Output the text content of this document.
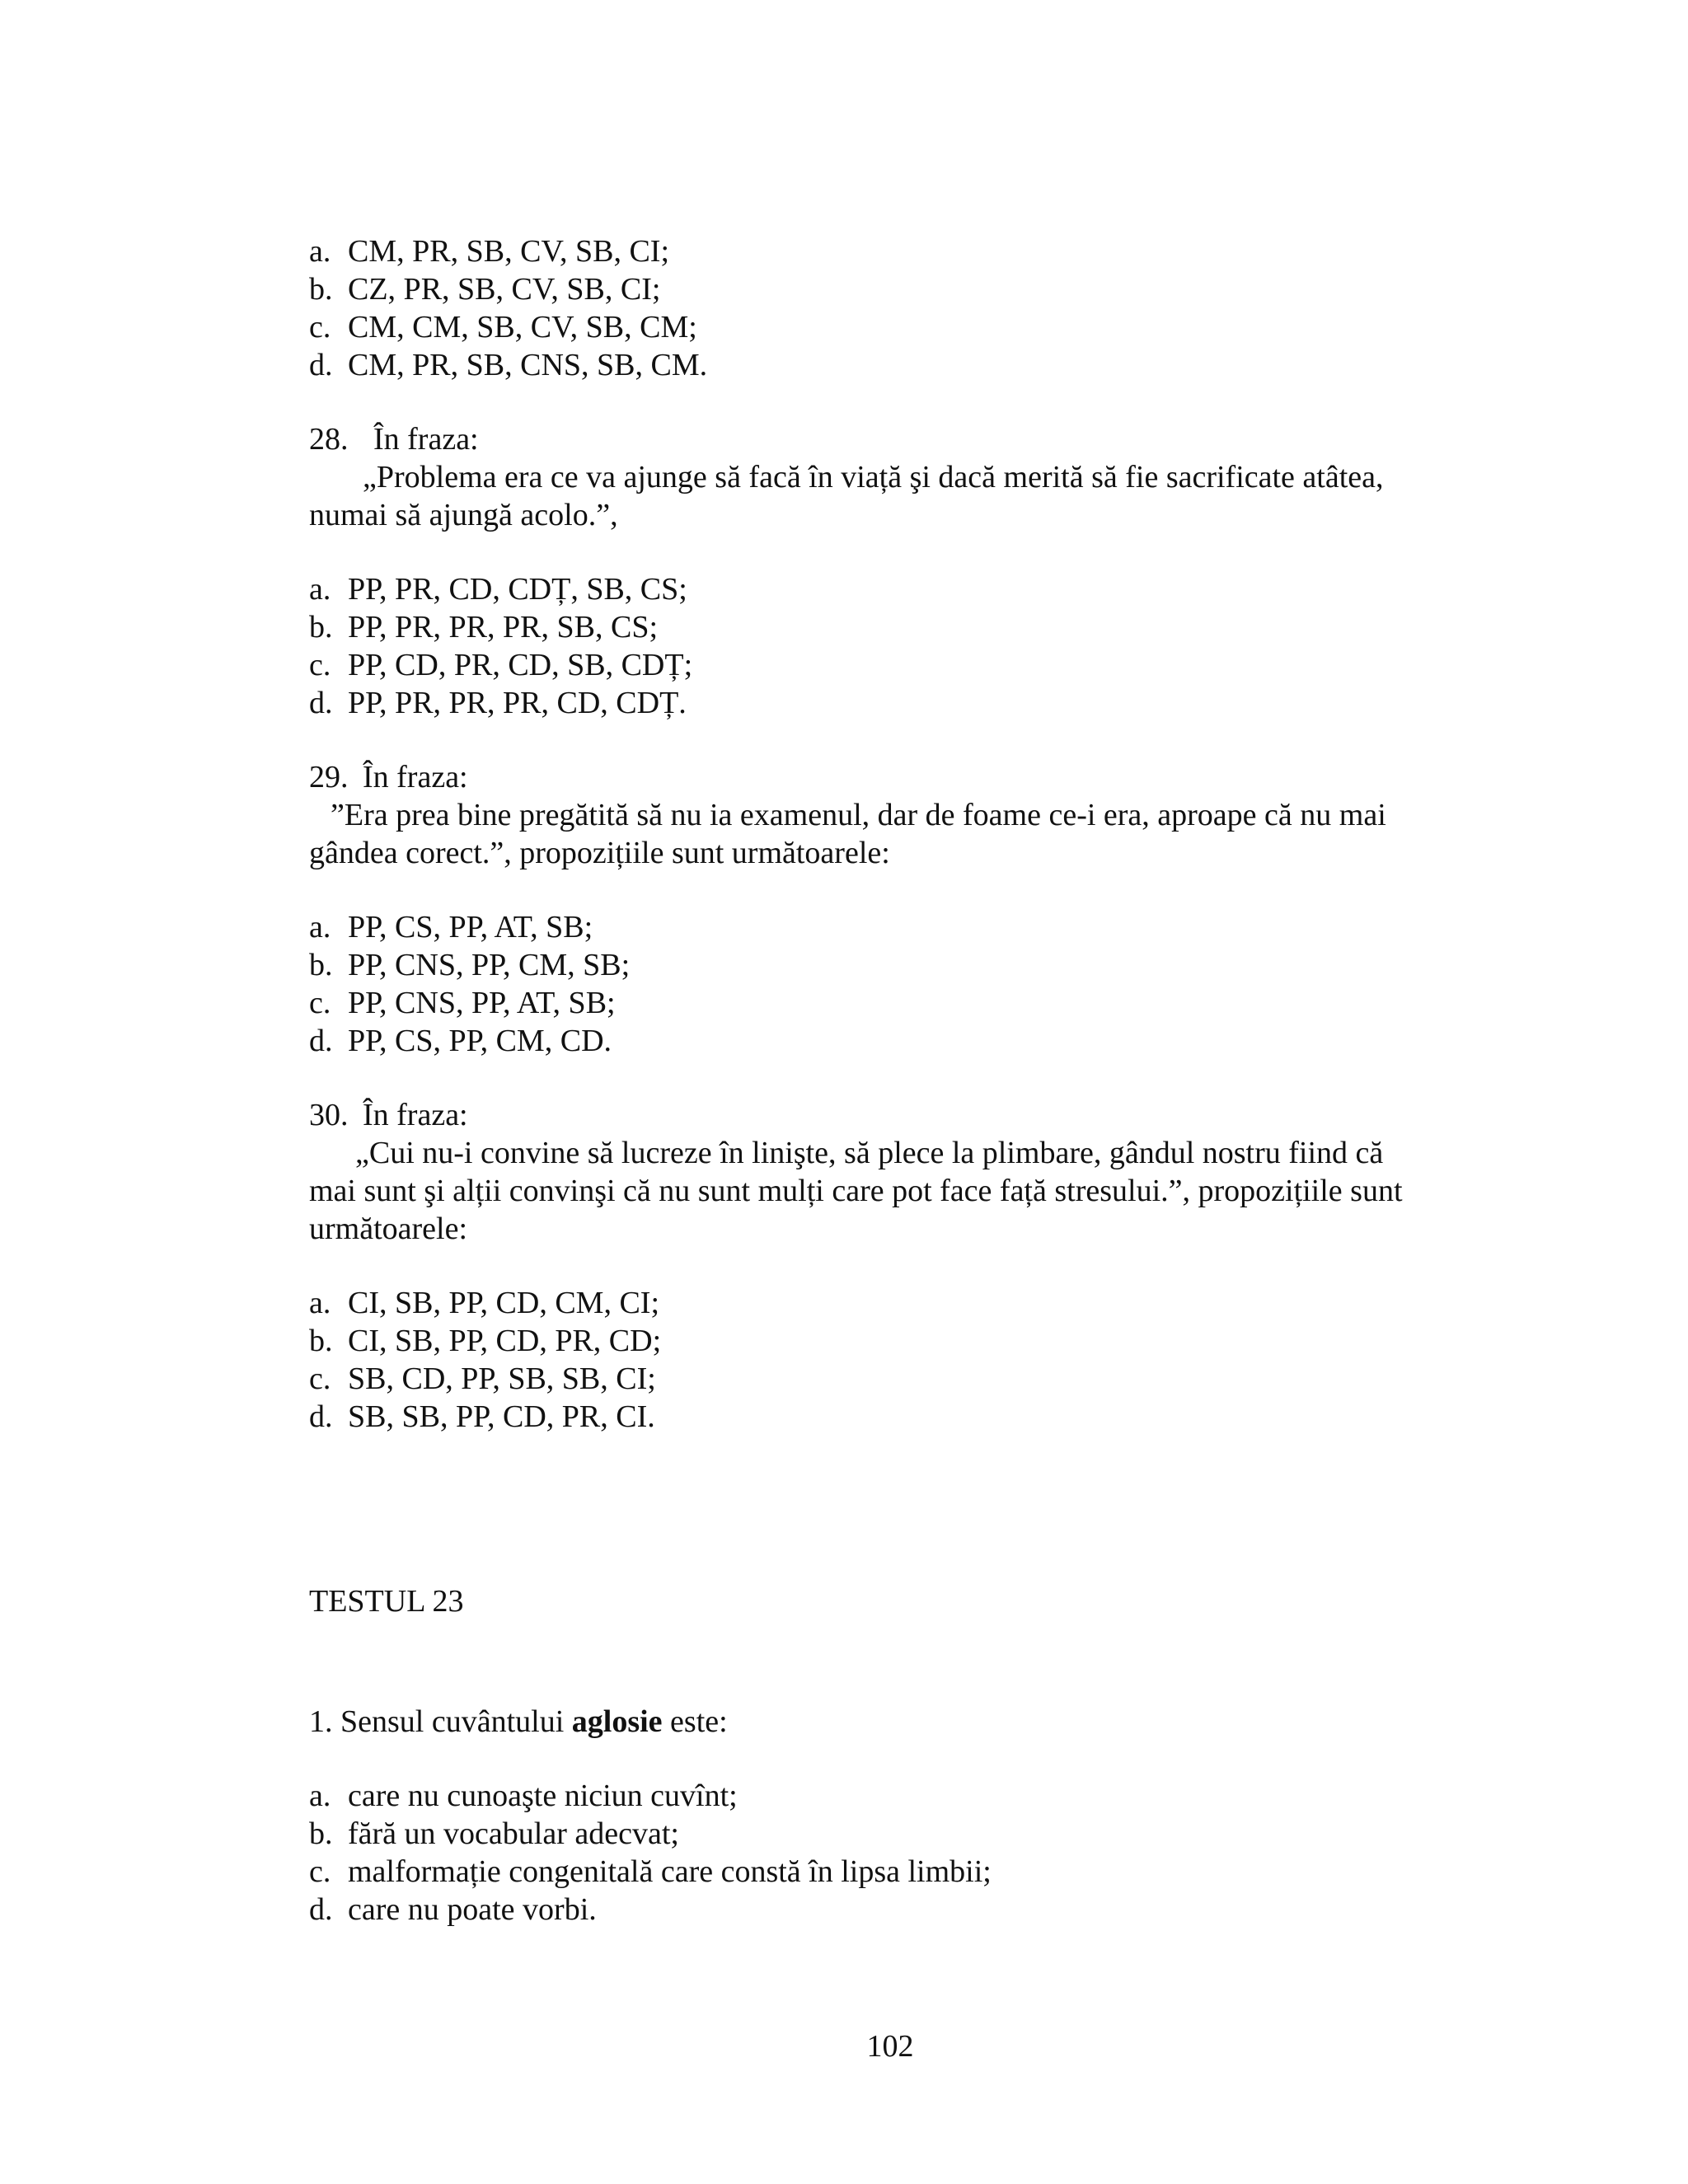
a. CM, PR, SB, CV, SB, CI;
b. CZ, PR, SB, CV, SB, CI;
c. CM, CM, SB, CV, SB, CM;
d. CM, PR, SB, CNS, SB, CM.
28. În fraza:
„Problema era ce va ajunge să facă în viață şi dacă merită să fie sacrificate atâtea,
numai să ajungă acolo.”,
a. PP, PR, CD, CDȚ, SB, CS;
b. PP, PR, PR, PR, SB, CS;
c. PP, CD, PR, CD, SB, CDȚ;
d. PP, PR, PR, PR, CD, CDȚ.
29. În fraza:
”Era prea bine pregătită să nu ia examenul, dar de foame ce-i era, aproape că nu mai
gândea corect.”, propozițiile sunt următoarele:
a. PP, CS, PP, AT, SB;
b. PP, CNS, PP, CM, SB;
c. PP, CNS, PP, AT, SB;
d. PP, CS, PP, CM, CD.
30. În fraza:
„Cui nu-i convine să lucreze în linişte, să plece la plimbare, gândul nostru fiind că
mai sunt şi alții convinşi că nu sunt mulți care pot face față stresului.”, propozițiile sunt
următoarele:
a. CI, SB, PP, CD, CM, CI;
b. CI, SB, PP, CD, PR, CD;
c. SB, CD, PP, SB, SB, CI;
d. SB, SB, PP, CD, PR, CI.
TESTUL 23
1. Sensul cuvântului aglosie este:
a. care nu cunoaşte niciun cuvînt;
b. fără un vocabular adecvat;
c. malformație congenitală care constă în lipsa limbii;
d. care nu poate vorbi.
102
